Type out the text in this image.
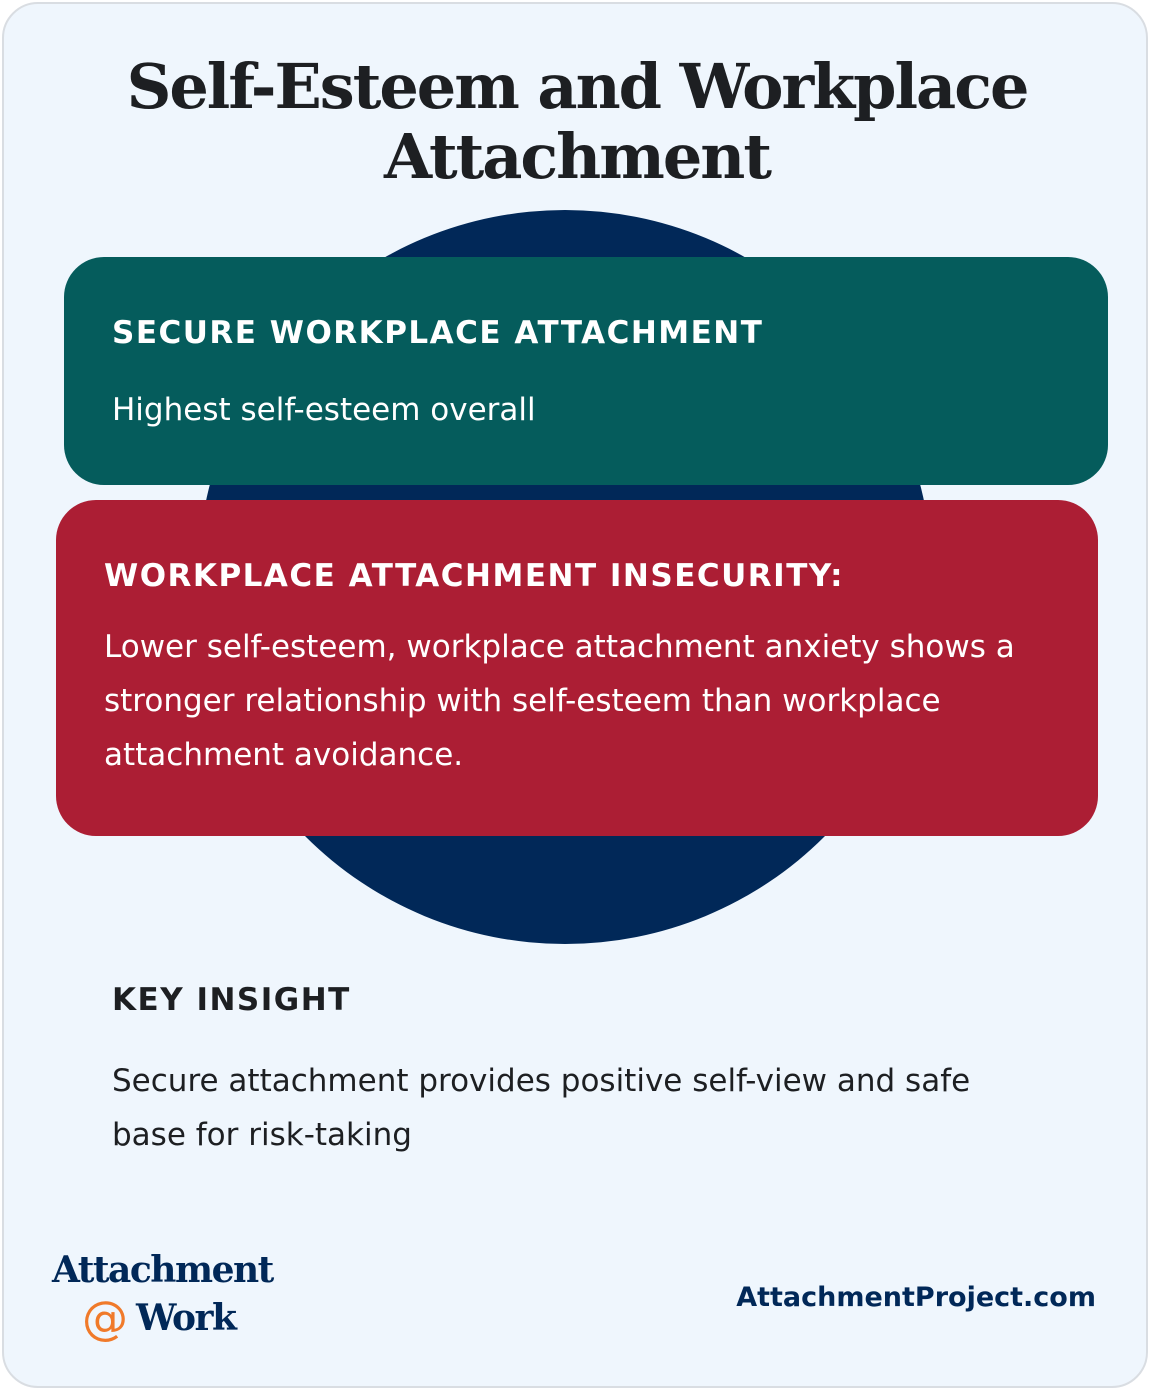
Self-Esteem and Workplace Attachment

SECURE WORKPLACE ATTACHMENT

Highest self-esteem overall

WORKPLACE ATTACHMENT INSECURITY:

Lower self-esteem, workplace attachment anxiety shows a stronger relationship with self-esteem than workplace attachment avoidance.

KEY INSIGHT

Secure attachment provides positive self-view and safe base for risk-taking

Attachment
@ Work	AttachmentProject.com
